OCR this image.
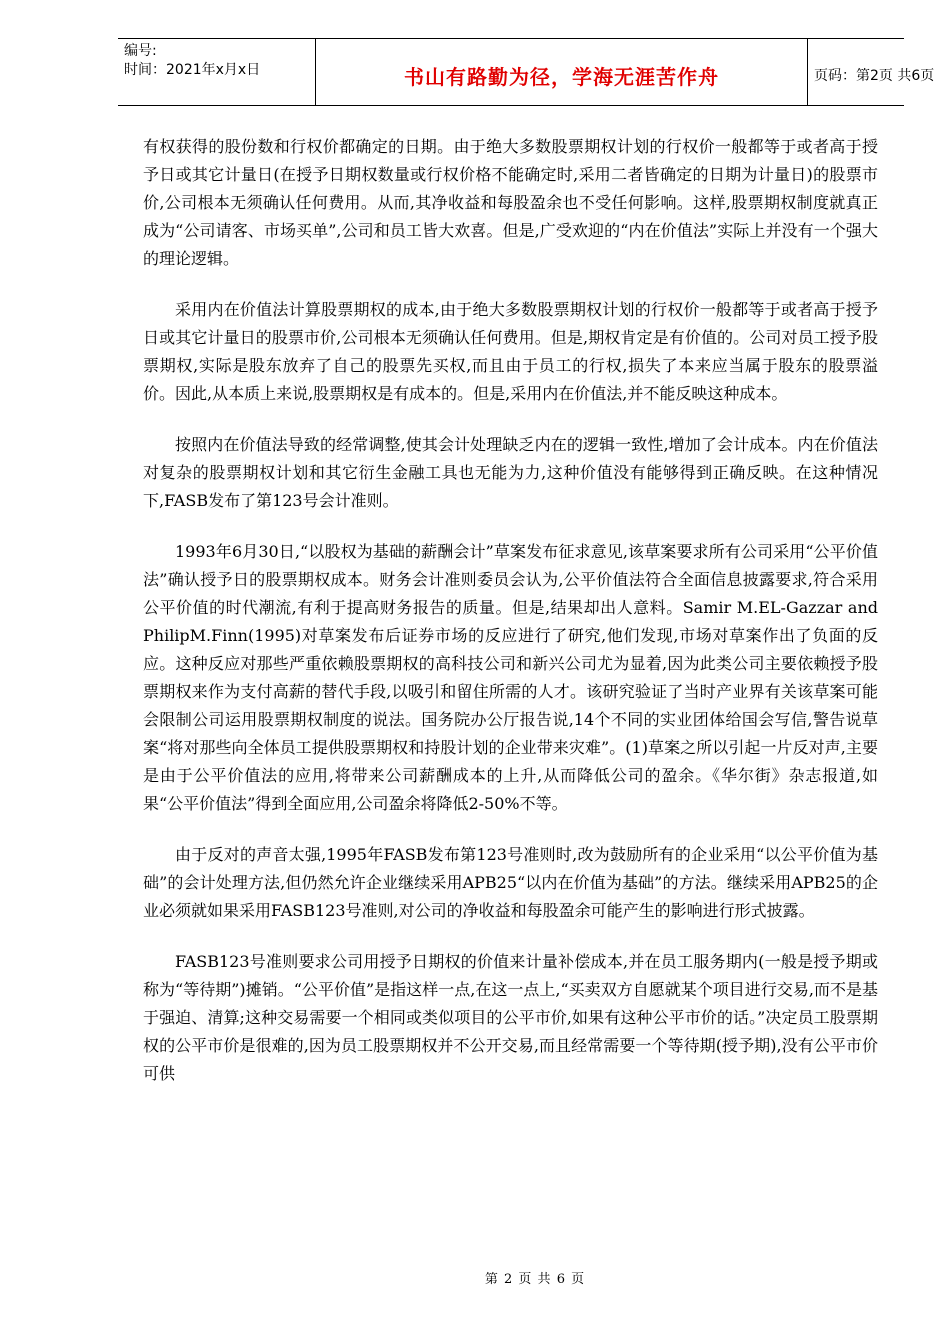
编号:
时间：2021年x月x日	书山有路勤为径，学海无涯苦作舟	页码：第2页 共6页

有权获得的股份数和行权价都确定的日期。由于绝大多数股票期权计划的行权价一般都等于或者高于授予日或其它计量日(在授予日期权数量或行权价格不能确定时,采用二者皆确定的日期为计量日)的股票市价,公司根本无须确认任何费用。从而,其净收益和每股盈余也不受任何影响。这样,股票期权制度就真正成为“公司请客、市场买单”,公司和员工皆大欢喜。但是,广受欢迎的“内在价值法”实际上并没有一个强大的理论逻辑。

采用内在价值法计算股票期权的成本,由于绝大多数股票期权计划的行权价一般都等于或者高于授予日或其它计量日的股票市价,公司根本无须确认任何费用。但是,期权肯定是有价值的。公司对员工授予股票期权,实际是股东放弃了自己的股票先买权,而且由于员工的行权,损失了本来应当属于股东的股票溢价。因此,从本质上来说,股票期权是有成本的。但是,采用内在价值法,并不能反映这种成本。

按照内在价值法导致的经常调整,使其会计处理缺乏内在的逻辑一致性,增加了会计成本。内在价值法对复杂的股票期权计划和其它衍生金融工具也无能为力,这种价值没有能够得到正确反映。在这种情况下,FASB发布了第123号会计准则。

1993年6月30日,“以股权为基础的薪酬会计”草案发布征求意见,该草案要求所有公司采用“公平价值法”确认授予日的股票期权成本。财务会计准则委员会认为,公平价值法符合全面信息披露要求,符合采用公平价值的时代潮流,有利于提高财务报告的质量。但是,结果却出人意料。Samir M.EL-Gazzar and PhilipM.Finn(1995)对草案发布后证券市场的反应进行了研究,他们发现,市场对草案作出了负面的反应。这种反应对那些严重依赖股票期权的高科技公司和新兴公司尤为显着,因为此类公司主要依赖授予股票期权来作为支付高薪的替代手段,以吸引和留住所需的人才。该研究验证了当时产业界有关该草案可能会限制公司运用股票期权制度的说法。国务院办公厅报告说,14个不同的实业团体给国会写信,警告说草案“将对那些向全体员工提供股票期权和持股计划的企业带来灾难”。(1)草案之所以引起一片反对声,主要是由于公平价值法的应用,将带来公司薪酬成本的上升,从而降低公司的盈余。《华尔街》杂志报道,如果“公平价值法”得到全面应用,公司盈余将降低2-50%不等。

由于反对的声音太强,1995年FASB发布第123号准则时,改为鼓励所有的企业采用“以公平价值为基础”的会计处理方法,但仍然允许企业继续采用APB25“以内在价值为基础”的方法。继续采用APB25的企业必须就如果采用FASB123号准则,对公司的净收益和每股盈余可能产生的影响进行形式披露。

FASB123号准则要求公司用授予日期权的价值来计量补偿成本,并在员工服务期内(一般是授予期或称为“等待期”)摊销。“公平价值”是指这样一点,在这一点上,“买卖双方自愿就某个项目进行交易,而不是基于强迫、清算;这种交易需要一个相同或类似项目的公平市价,如果有这种公平市价的话。”决定员工股票期权的公平市价是很难的,因为员工股票期权并不公开交易,而且经常需要一个等待期(授予期),没有公平市价可供

第 2 页 共 6 页
